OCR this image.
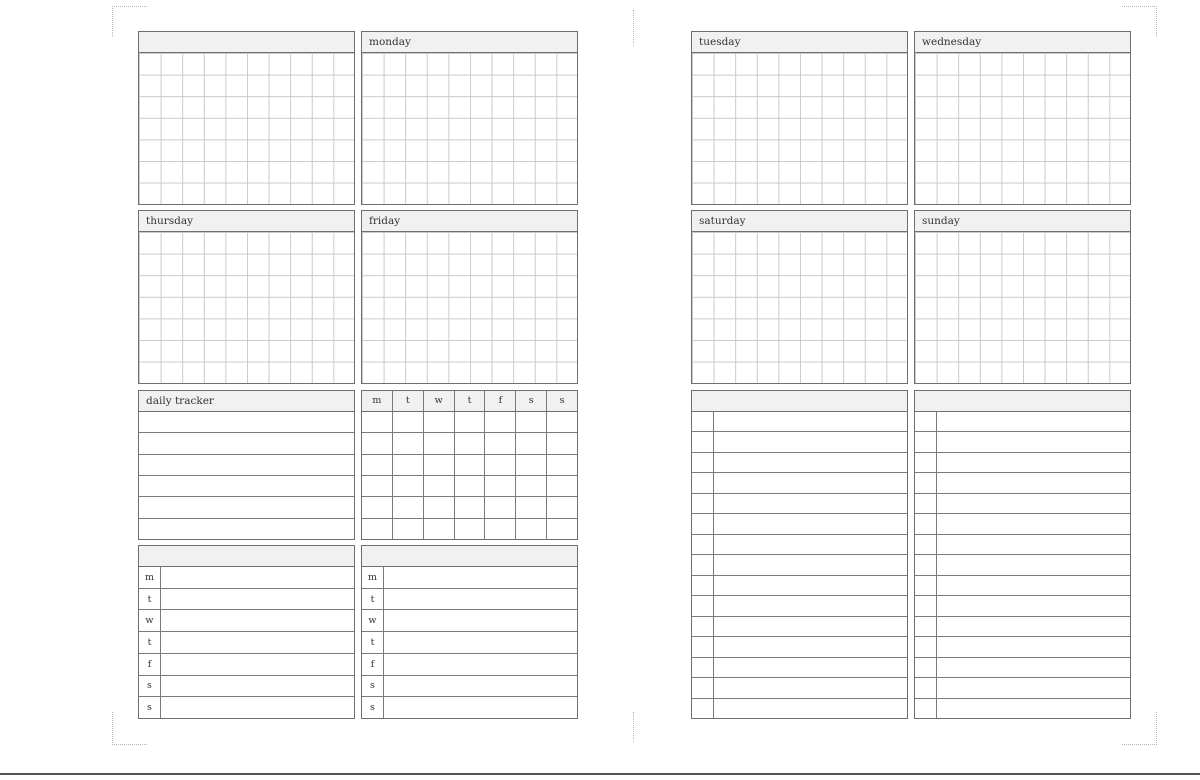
monday
thursday	friday
daily tracker	m	t	w	t	f	s	s
m
t
w
t
f
s
s
m
t
w
t
f
s
s
tuesday	wednesday
saturday	sunday
